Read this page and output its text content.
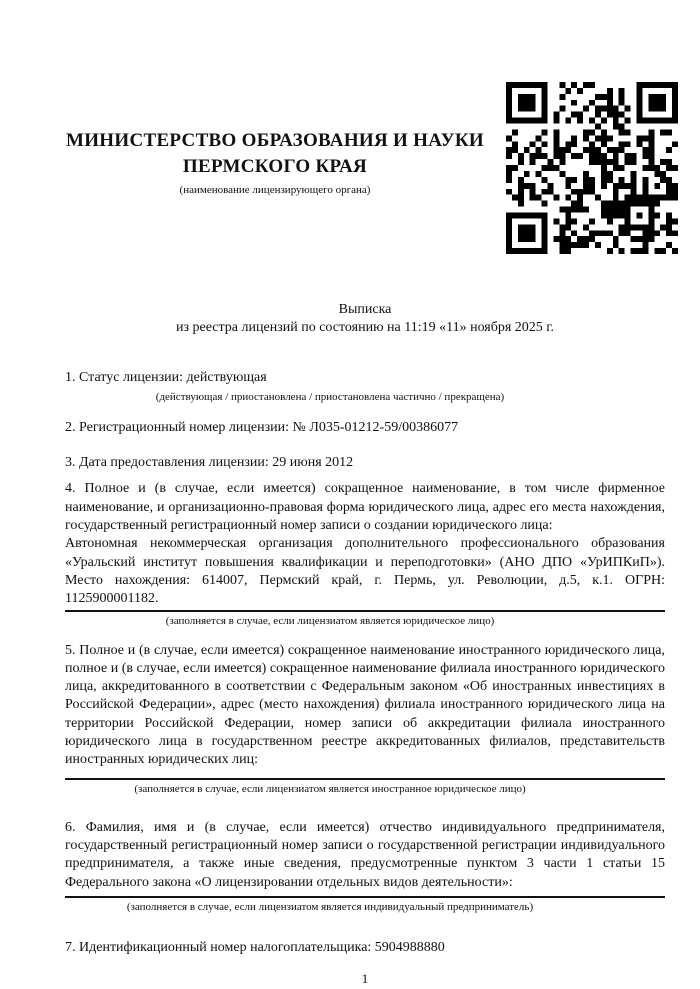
МИНИСТЕРСТВО ОБРАЗОВАНИЯ И НАУКИ
ПЕРМСКОГО КРАЯ
(наименование лицензирующего органа)

Выписка

из реестра лицензий по состоянию на 11:19 «11» ноября 2025 г.

1. Статус лицензии: действующая

(действующая / приостановлена / приостановлена частично / прекращена)

2. Регистрационный номер лицензии: № Л035-01212-59/00386077

3. Дата предоставления лицензии: 29 июня 2012

4. Полное и (в случае, если имеется) сокращенное наименование, в том числе фирменное наименование, и организационно-правовая форма юридического лица, адрес его места нахождения, государственный регистрационный номер записи о создании юридического лица:

Автономная некоммерческая организация дополнительного профессионального образования «Уральский институт повышения квалификации и переподготовки» (АНО ДПО «УрИПКиП»). Место нахождения: 614007, Пермский край, г. Пермь, ул. Революции, д.5, к.1. ОГРН: 1125900001182.

(заполняется в случае, если лицензиатом является юридическое лицо)

5. Полное и (в случае, если имеется) сокращенное наименование иностранного юридического лица, полное и (в случае, если имеется) сокращенное наименование филиала иностранного юридического лица, аккредитованного в соответствии с Федеральным законом «Об иностранных инвестициях в Российской Федерации», адрес (место нахождения) филиала иностранного юридического лица на территории Российской Федерации, номер записи об аккредитации филиала иностранного юридического лица в государственном реестре аккредитованных филиалов, представительств иностранных юридических лиц:

(заполняется в случае, если лицензиатом является иностранное юридическое лицо)

6. Фамилия, имя и (в случае, если имеется) отчество индивидуального предпринимателя, государственный регистрационный номер записи о государственной регистрации индивидуального предпринимателя, а также иные сведения, предусмотренные пунктом 3 части 1 статьи 15 Федерального закона «О лицензировании отдельных видов деятельности»:

(заполняется в случае, если лицензиатом является индивидуальный предприниматель)

7. Идентификационный номер налогоплательщика: 5904988880

1
